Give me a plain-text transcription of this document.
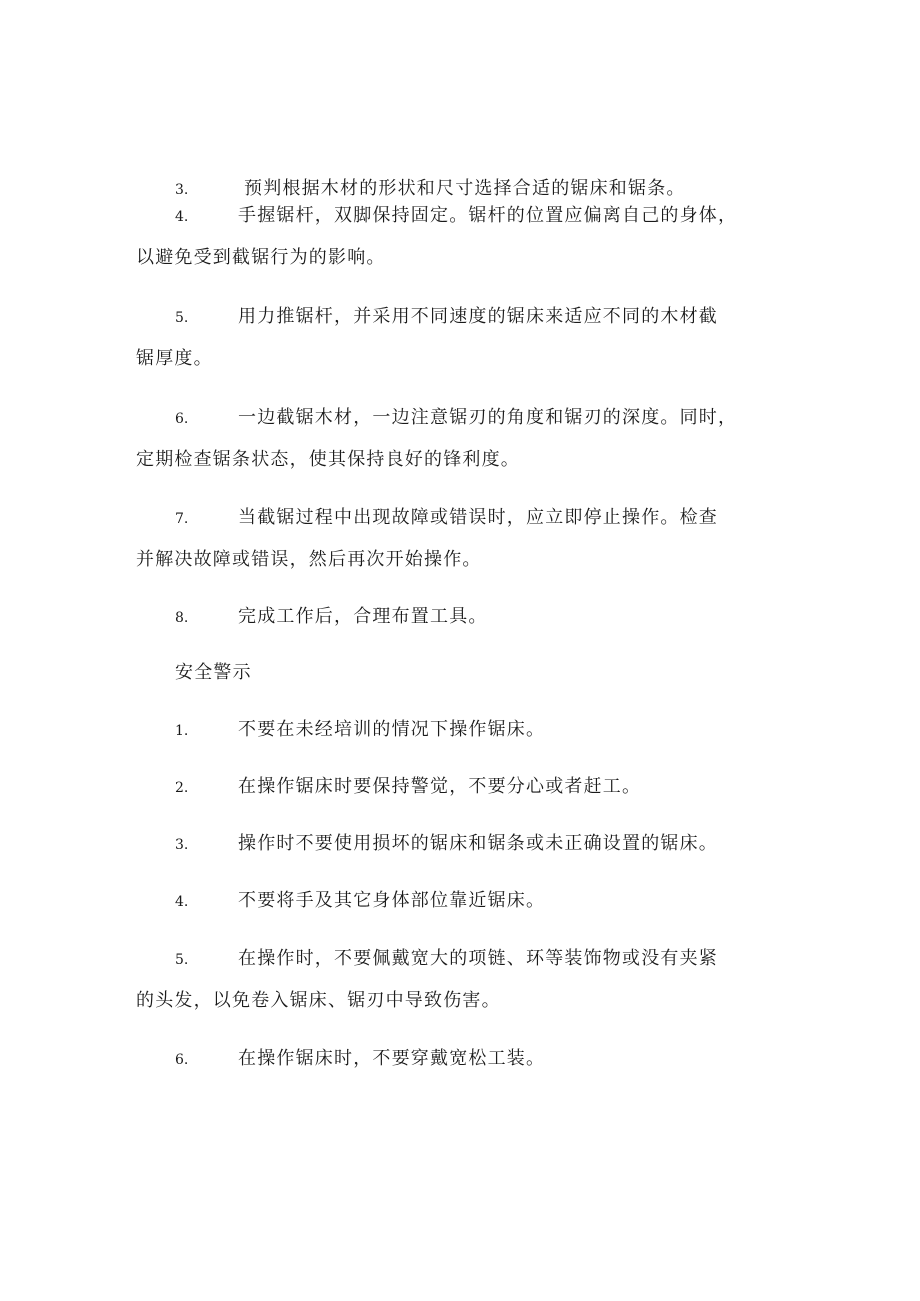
3.	预判根据木材的形状和尺寸选择合适的锯床和锯条。
4.	手握锯杆，双脚保持固定。锯杆的位置应偏离自己的身体，
以避免受到截锯行为的影响。
5.	用力推锯杆，并采用不同速度的锯床来适应不同的木材截
锯厚度。
6.	一边截锯木材，一边注意锯刃的角度和锯刃的深度。同时，
定期检查锯条状态，使其保持良好的锋利度。
7.	当截锯过程中出现故障或错误时，应立即停止操作。检查
并解决故障或错误，然后再次开始操作。
8.	完成工作后，合理布置工具。
安全警示
1.	不要在未经培训的情况下操作锯床。
2.	在操作锯床时要保持警觉，不要分心或者赶工。
3.	操作时不要使用损坏的锯床和锯条或未正确设置的锯床。
4.	不要将手及其它身体部位靠近锯床。
5.	在操作时，不要佩戴宽大的项链、环等装饰物或没有夹紧
的头发，以免卷入锯床、锯刃中导致伤害。
6.	在操作锯床时，不要穿戴宽松工装。
